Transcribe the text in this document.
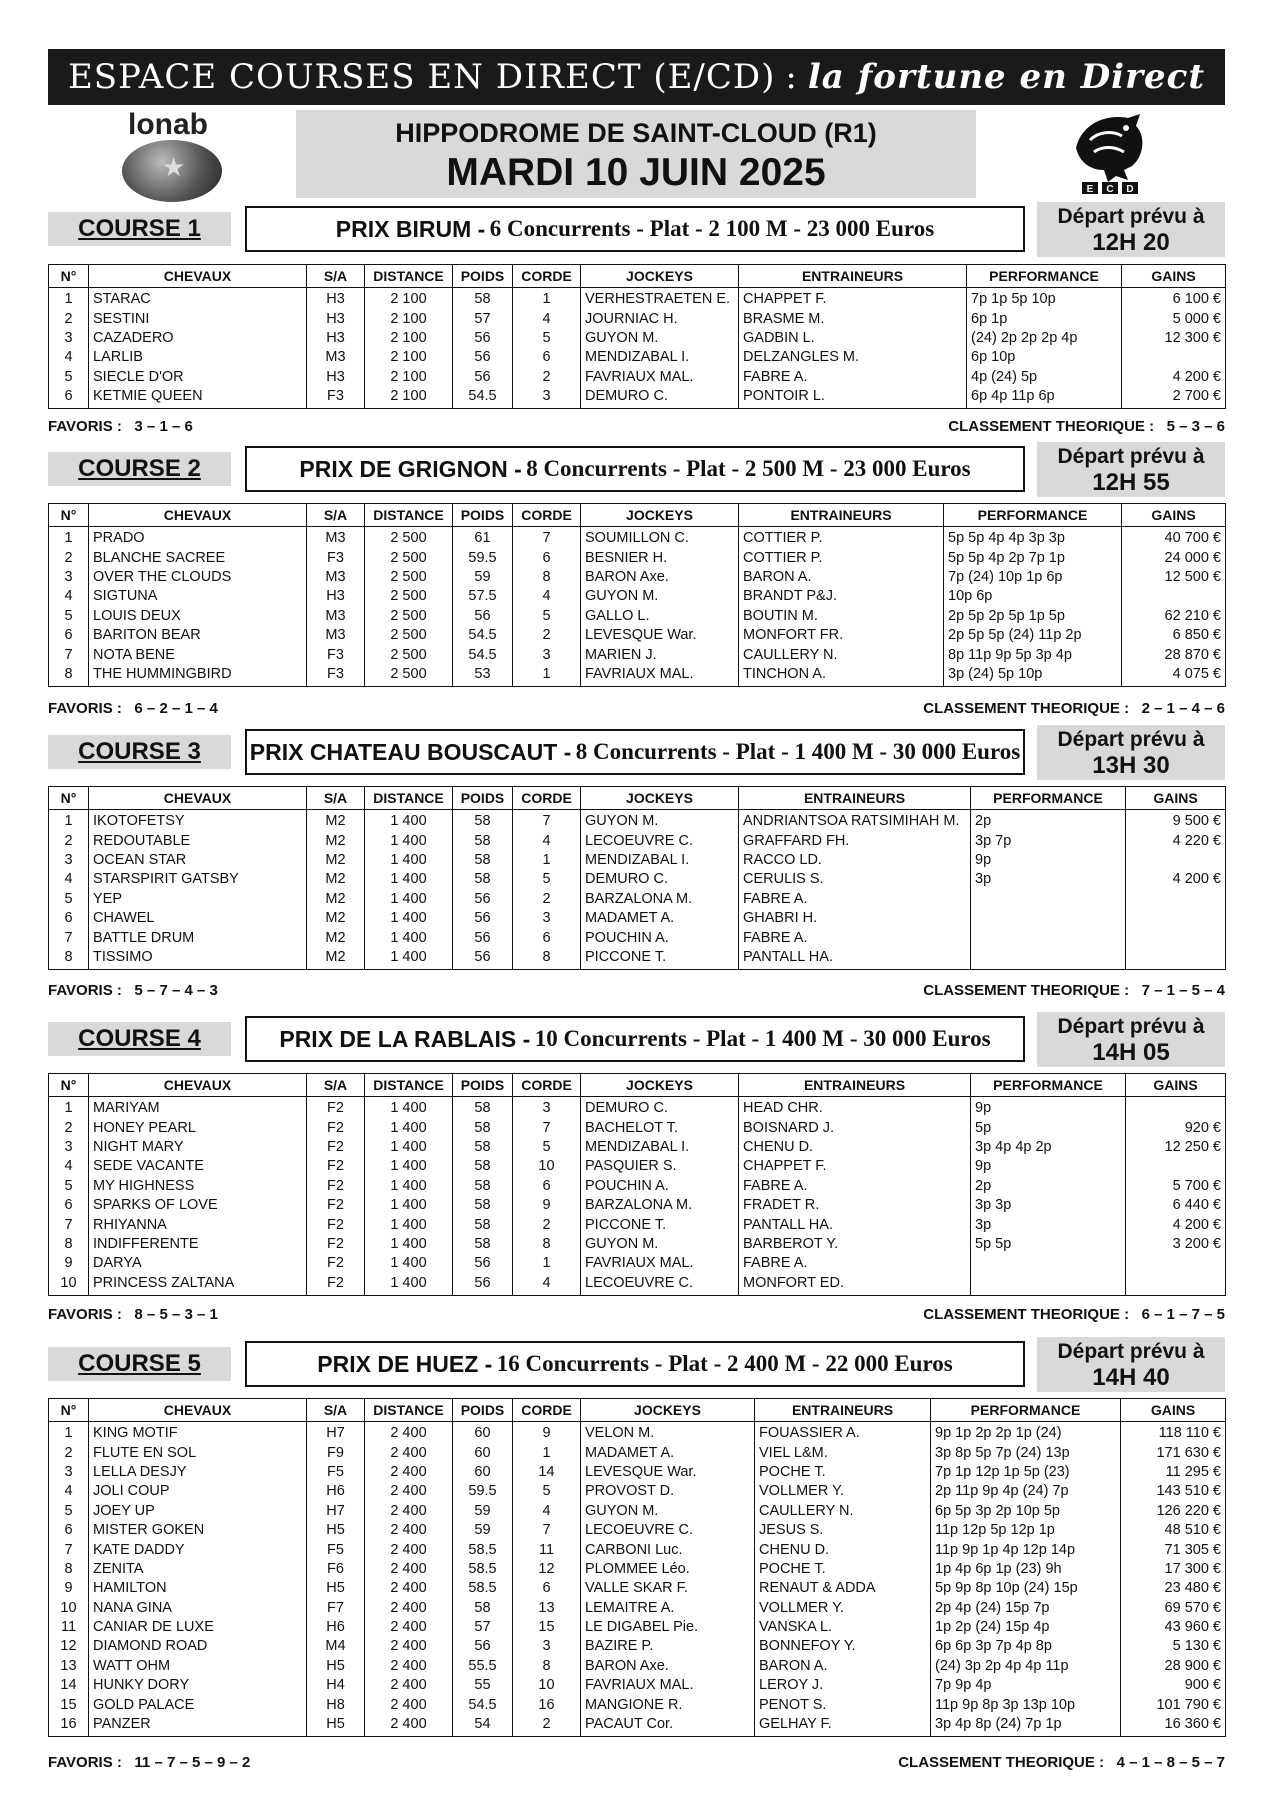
ESPACE COURSES EN DIRECT (E/CD) : la fortune en Direct
★
lonab	HIPPODROME DE SAINT-CLOUD (R1)
MARDI 10 JUIN 2025	E C D
COURSE 1	PRIX BIRUM -
6 Concurrents - Plat - 2 100 M - 23 000 Euros	Départ prévu à
12H 20
N°	CHEVAUX	S/A	DISTANCE	POIDS	CORDE	JOCKEYS	ENTRAINEURS	PERFORMANCE	GAINS
1	STARAC	H3	2 100	58	1	VERHESTRAETEN E.	CHAPPET F.	7p 1p 5p 10p	6 100 €
2	SESTINI	H3	2 100	57	4	JOURNIAC H.	BRASME M.	6p 1p	5 000 €
3	CAZADERO	H3	2 100	56	5	GUYON M.	GADBIN L.	(24) 2p 2p 2p 4p	12 300 €
4	LARLIB	M3	2 100	56	6	MENDIZABAL I.	DELZANGLES M.	6p 10p	
5	SIECLE D'OR	H3	2 100	56	2	FAVRIAUX MAL.	FABRE A.	4p (24) 5p	4 200 €
6	KETMIE QUEEN	F3	2 100	54.5	3	DEMURO C.	PONTOIR L.	6p 4p 11p 6p	2 700 €
FAVORIS : 3 – 1 – 6	CLASSEMENT THEORIQUE : 5 – 3 – 6
COURSE 2	PRIX DE GRIGNON -
8 Concurrents - Plat - 2 500 M - 23 000 Euros	Départ prévu à
12H 55
N°	CHEVAUX	S/A	DISTANCE	POIDS	CORDE	JOCKEYS	ENTRAINEURS	PERFORMANCE	GAINS
1	PRADO	M3	2 500	61	7	SOUMILLON C.	COTTIER P.	5p 5p 4p 4p 3p 3p	40 700 €
2	BLANCHE SACREE	F3	2 500	59.5	6	BESNIER H.	COTTIER P.	5p 5p 4p 2p 7p 1p	24 000 €
3	OVER THE CLOUDS	M3	2 500	59	8	BARON Axe.	BARON A.	7p (24) 10p 1p 6p	12 500 €
4	SIGTUNA	H3	2 500	57.5	4	GUYON M.	BRANDT P&J.	10p 6p	
5	LOUIS DEUX	M3	2 500	56	5	GALLO L.	BOUTIN M.	2p 5p 2p 5p 1p 5p	62 210 €
6	BARITON BEAR	M3	2 500	54.5	2	LEVESQUE War.	MONFORT FR.	2p 5p 5p (24) 11p 2p	6 850 €
7	NOTA BENE	F3	2 500	54.5	3	MARIEN J.	CAULLERY N.	8p 11p 9p 5p 3p 4p	28 870 €
8	THE HUMMINGBIRD	F3	2 500	53	1	FAVRIAUX MAL.	TINCHON A.	3p (24) 5p 10p	4 075 €
FAVORIS : 6 – 2 – 1 – 4	CLASSEMENT THEORIQUE : 2 – 1 – 4 – 6
COURSE 3	PRIX CHATEAU BOUSCAUT -
8 Concurrents - Plat - 1 400 M - 30 000 Euros	Départ prévu à
13H 30
N°	CHEVAUX	S/A	DISTANCE	POIDS	CORDE	JOCKEYS	ENTRAINEURS	PERFORMANCE	GAINS
1	IKOTOFETSY	M2	1 400	58	7	GUYON M.	ANDRIANTSOA RATSIMIHAH M.	2p	9 500 €
2	REDOUTABLE	M2	1 400	58	4	LECOEUVRE C.	GRAFFARD FH.	3p 7p	4 220 €
3	OCEAN STAR	M2	1 400	58	1	MENDIZABAL I.	RACCO LD.	9p	
4	STARSPIRIT GATSBY	M2	1 400	58	5	DEMURO C.	CERULIS S.	3p	4 200 €
5	YEP	M2	1 400	56	2	BARZALONA M.	FABRE A.		
6	CHAWEL	M2	1 400	56	3	MADAMET A.	GHABRI H.		
7	BATTLE DRUM	M2	1 400	56	6	POUCHIN A.	FABRE A.		
8	TISSIMO	M2	1 400	56	8	PICCONE T.	PANTALL HA.		
FAVORIS : 5 – 7 – 4 – 3	CLASSEMENT THEORIQUE : 7 – 1 – 5 – 4
COURSE 4	PRIX DE LA RABLAIS -
10 Concurrents - Plat - 1 400 M - 30 000 Euros	Départ prévu à
14H 05
N°	CHEVAUX	S/A	DISTANCE	POIDS	CORDE	JOCKEYS	ENTRAINEURS	PERFORMANCE	GAINS
1	MARIYAM	F2	1 400	58	3	DEMURO C.	HEAD CHR.	9p	
2	HONEY PEARL	F2	1 400	58	7	BACHELOT T.	BOISNARD J.	5p	920 €
3	NIGHT MARY	F2	1 400	58	5	MENDIZABAL I.	CHENU D.	3p 4p 4p 2p	12 250 €
4	SEDE VACANTE	F2	1 400	58	10	PASQUIER S.	CHAPPET F.	9p	
5	MY HIGHNESS	F2	1 400	58	6	POUCHIN A.	FABRE A.	2p	5 700 €
6	SPARKS OF LOVE	F2	1 400	58	9	BARZALONA M.	FRADET R.	3p 3p	6 440 €
7	RHIYANNA	F2	1 400	58	2	PICCONE T.	PANTALL HA.	3p	4 200 €
8	INDIFFERENTE	F2	1 400	58	8	GUYON M.	BARBEROT Y.	5p 5p	3 200 €
9	DARYA	F2	1 400	56	1	FAVRIAUX MAL.	FABRE A.		
10	PRINCESS ZALTANA	F2	1 400	56	4	LECOEUVRE C.	MONFORT ED.		
FAVORIS : 8 – 5 – 3 – 1	CLASSEMENT THEORIQUE : 6 – 1 – 7 – 5
COURSE 5	PRIX DE HUEZ -
16 Concurrents - Plat - 2 400 M - 22 000 Euros	Départ prévu à
14H 40
N°	CHEVAUX	S/A	DISTANCE	POIDS	CORDE	JOCKEYS	ENTRAINEURS	PERFORMANCE	GAINS
1	KING MOTIF	H7	2 400	60	9	VELON M.	FOUASSIER A.	9p 1p 2p 2p 1p (24)	118 110 €
2	FLUTE EN SOL	F9	2 400	60	1	MADAMET A.	VIEL L&M.	3p 8p 5p 7p (24) 13p	171 630 €
3	LELLA DESJY	F5	2 400	60	14	LEVESQUE War.	POCHE T.	7p 1p 12p 1p 5p (23)	11 295 €
4	JOLI COUP	H6	2 400	59.5	5	PROVOST D.	VOLLMER Y.	2p 11p 9p 4p (24) 7p	143 510 €
5	JOEY UP	H7	2 400	59	4	GUYON M.	CAULLERY N.	6p 5p 3p 2p 10p 5p	126 220 €
6	MISTER GOKEN	H5	2 400	59	7	LECOEUVRE C.	JESUS S.	11p 12p 5p 12p 1p	48 510 €
7	KATE DADDY	F5	2 400	58.5	11	CARBONI Luc.	CHENU D.	11p 9p 1p 4p 12p 14p	71 305 €
8	ZENITA	F6	2 400	58.5	12	PLOMMEE Léo.	POCHE T.	1p 4p 6p 1p (23) 9h	17 300 €
9	HAMILTON	H5	2 400	58.5	6	VALLE SKAR F.	RENAUT & ADDA	5p 9p 8p 10p (24) 15p	23 480 €
10	NANA GINA	F7	2 400	58	13	LEMAITRE A.	VOLLMER Y.	2p 4p (24) 15p 7p	69 570 €
11	CANIAR DE LUXE	H6	2 400	57	15	LE DIGABEL Pie.	VANSKA L.	1p 2p (24) 15p 4p	43 960 €
12	DIAMOND ROAD	M4	2 400	56	3	BAZIRE P.	BONNEFOY Y.	6p 6p 3p 7p 4p 8p	5 130 €
13	WATT OHM	H5	2 400	55.5	8	BARON Axe.	BARON A.	(24) 3p 2p 4p 4p 11p	28 900 €
14	HUNKY DORY	H4	2 400	55	10	FAVRIAUX MAL.	LEROY J.	7p 9p 4p	900 €
15	GOLD PALACE	H8	2 400	54.5	16	MANGIONE R.	PENOT S.	11p 9p 8p 3p 13p 10p	101 790 €
16	PANZER	H5	2 400	54	2	PACAUT Cor.	GELHAY F.	3p 4p 8p (24) 7p 1p	16 360 €
FAVORIS : 11 – 7 – 5 – 9 – 2	CLASSEMENT THEORIQUE : 4 – 1 – 8 – 5 – 7
